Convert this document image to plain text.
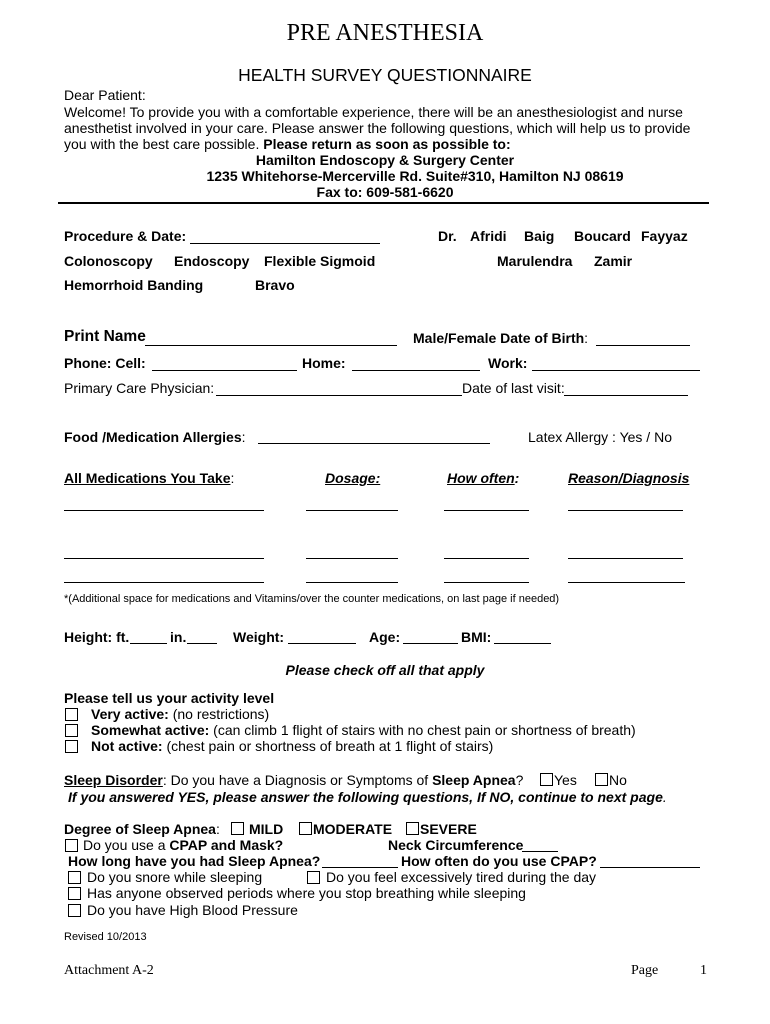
PRE ANESTHESIA
HEALTH SURVEY QUESTIONNAIRE
Dear Patient:
Welcome! To provide you with a comfortable experience, there will be an anesthesiologist and nurse
anesthetist involved in your care. Please answer the following questions, which will help us to provide
you with the best care possible. Please return as soon as possible to:
Hamilton Endoscopy & Surgery Center
1235 Whitehorse-Mercerville Rd. Suite#310, Hamilton NJ 08619
Fax to: 609-581-6620
Procedure & Date:	Dr. Afridi Baig Boucard Fayyaz
Colonoscopy Endoscopy Flexible Sigmoid	Marulendra Zamir
Hemorrhoid Banding	Bravo
Print Name	Male/Female Date of Birth:
Phone: Cell:	Home:	Work:
Primary Care Physician:	Date of last visit:
Food /Medication Allergies:	Latex Allergy : Yes / No
All Medications You Take:	Dosage:	How often:	Reason/Diagnosis
*(Additional space for medications and Vitamins/over the counter medications, on last page if needed)
Height: ft.	in.	Weight:	Age:	BMI:
Please check off all that apply
Please tell us your activity level
Very active: (no restrictions)
Somewhat active: (can climb 1 flight of stairs with no chest pain or shortness of breath)
Not active: (chest pain or shortness of breath at 1 flight of stairs)
Sleep Disorder: Do you have a Diagnosis or Symptoms of Sleep Apnea? Yes No
If you answered YES, please answer the following questions, If NO, continue to next page.
Degree of Sleep Apnea: MILD MODERATE SEVERE
Do you use a CPAP and Mask?	Neck Circumference
How long have you had Sleep Apnea?	How often do you use CPAP?
Do you snore while sleeping	Do you feel excessively tired during the day
Has anyone observed periods where you stop breathing while sleeping
Do you have High Blood Pressure
Revised 10/2013
Attachment A-2	Page	1
